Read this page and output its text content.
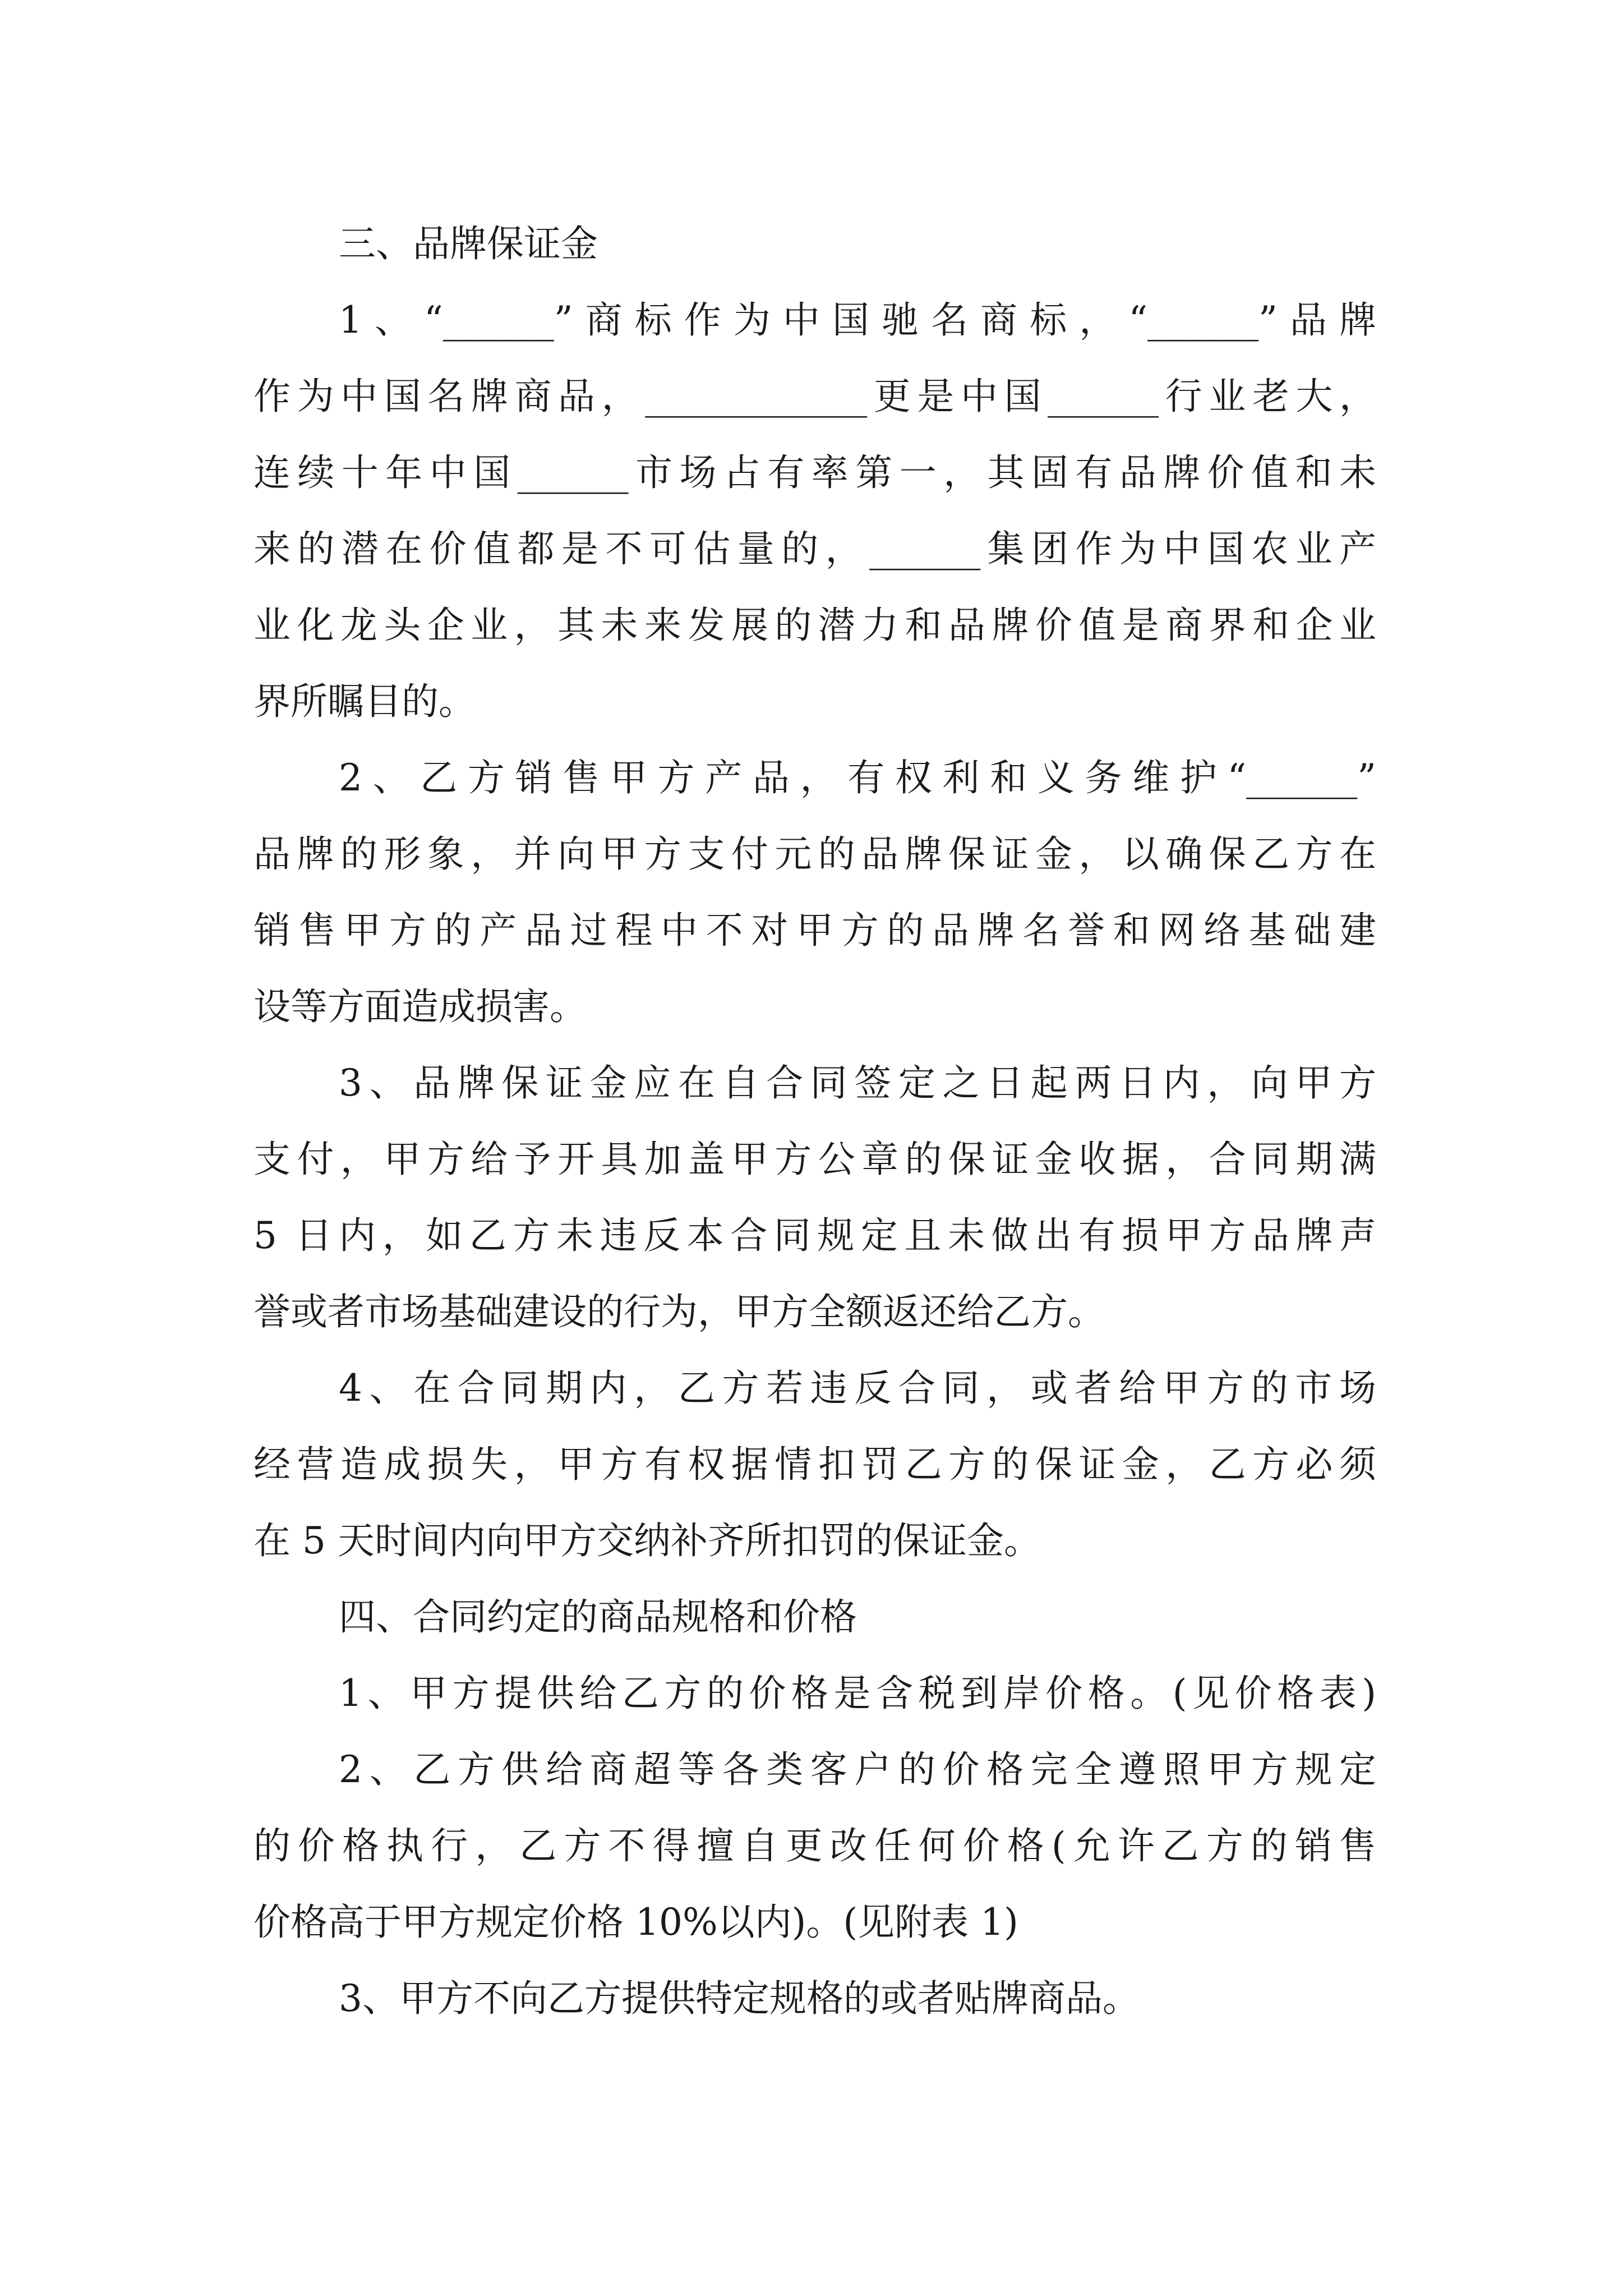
三、品牌保证金
1、“______”商标作为中国驰名商标，“______”品牌
作为中国名牌商品，____________更是中国______行业老大，
连续十年中国______市场占有率第一，其固有品牌价值和未
来的潜在价值都是不可估量的，______集团作为中国农业产
业化龙头企业，其未来发展的潜力和品牌价值是商界和企业
界所瞩目的。
2、乙方销售甲方产品，有权利和义务维护“______”
品牌的形象，并向甲方支付元的品牌保证金，以确保乙方在
销售甲方的产品过程中不对甲方的品牌名誉和网络基础建
设等方面造成损害。
3、品牌保证金应在自合同签定之日起两日内，向甲方
支付，甲方给予开具加盖甲方公章的保证金收据，合同期满
5 日内，如乙方未违反本合同规定且未做出有损甲方品牌声
誉或者市场基础建设的行为，甲方全额返还给乙方。
4、在合同期内，乙方若违反合同，或者给甲方的市场
经营造成损失，甲方有权据情扣罚乙方的保证金，乙方必须
在 5 天时间内向甲方交纳补齐所扣罚的保证金。
四、合同约定的商品规格和价格
1、甲方提供给乙方的价格是含税到岸价格。(见价格表)
2、乙方供给商超等各类客户的价格完全遵照甲方规定
的价格执行，乙方不得擅自更改任何价格(允许乙方的销售
价格高于甲方规定价格 10%以内)。(见附表 1)
3、甲方不向乙方提供特定规格的或者贴牌商品。
